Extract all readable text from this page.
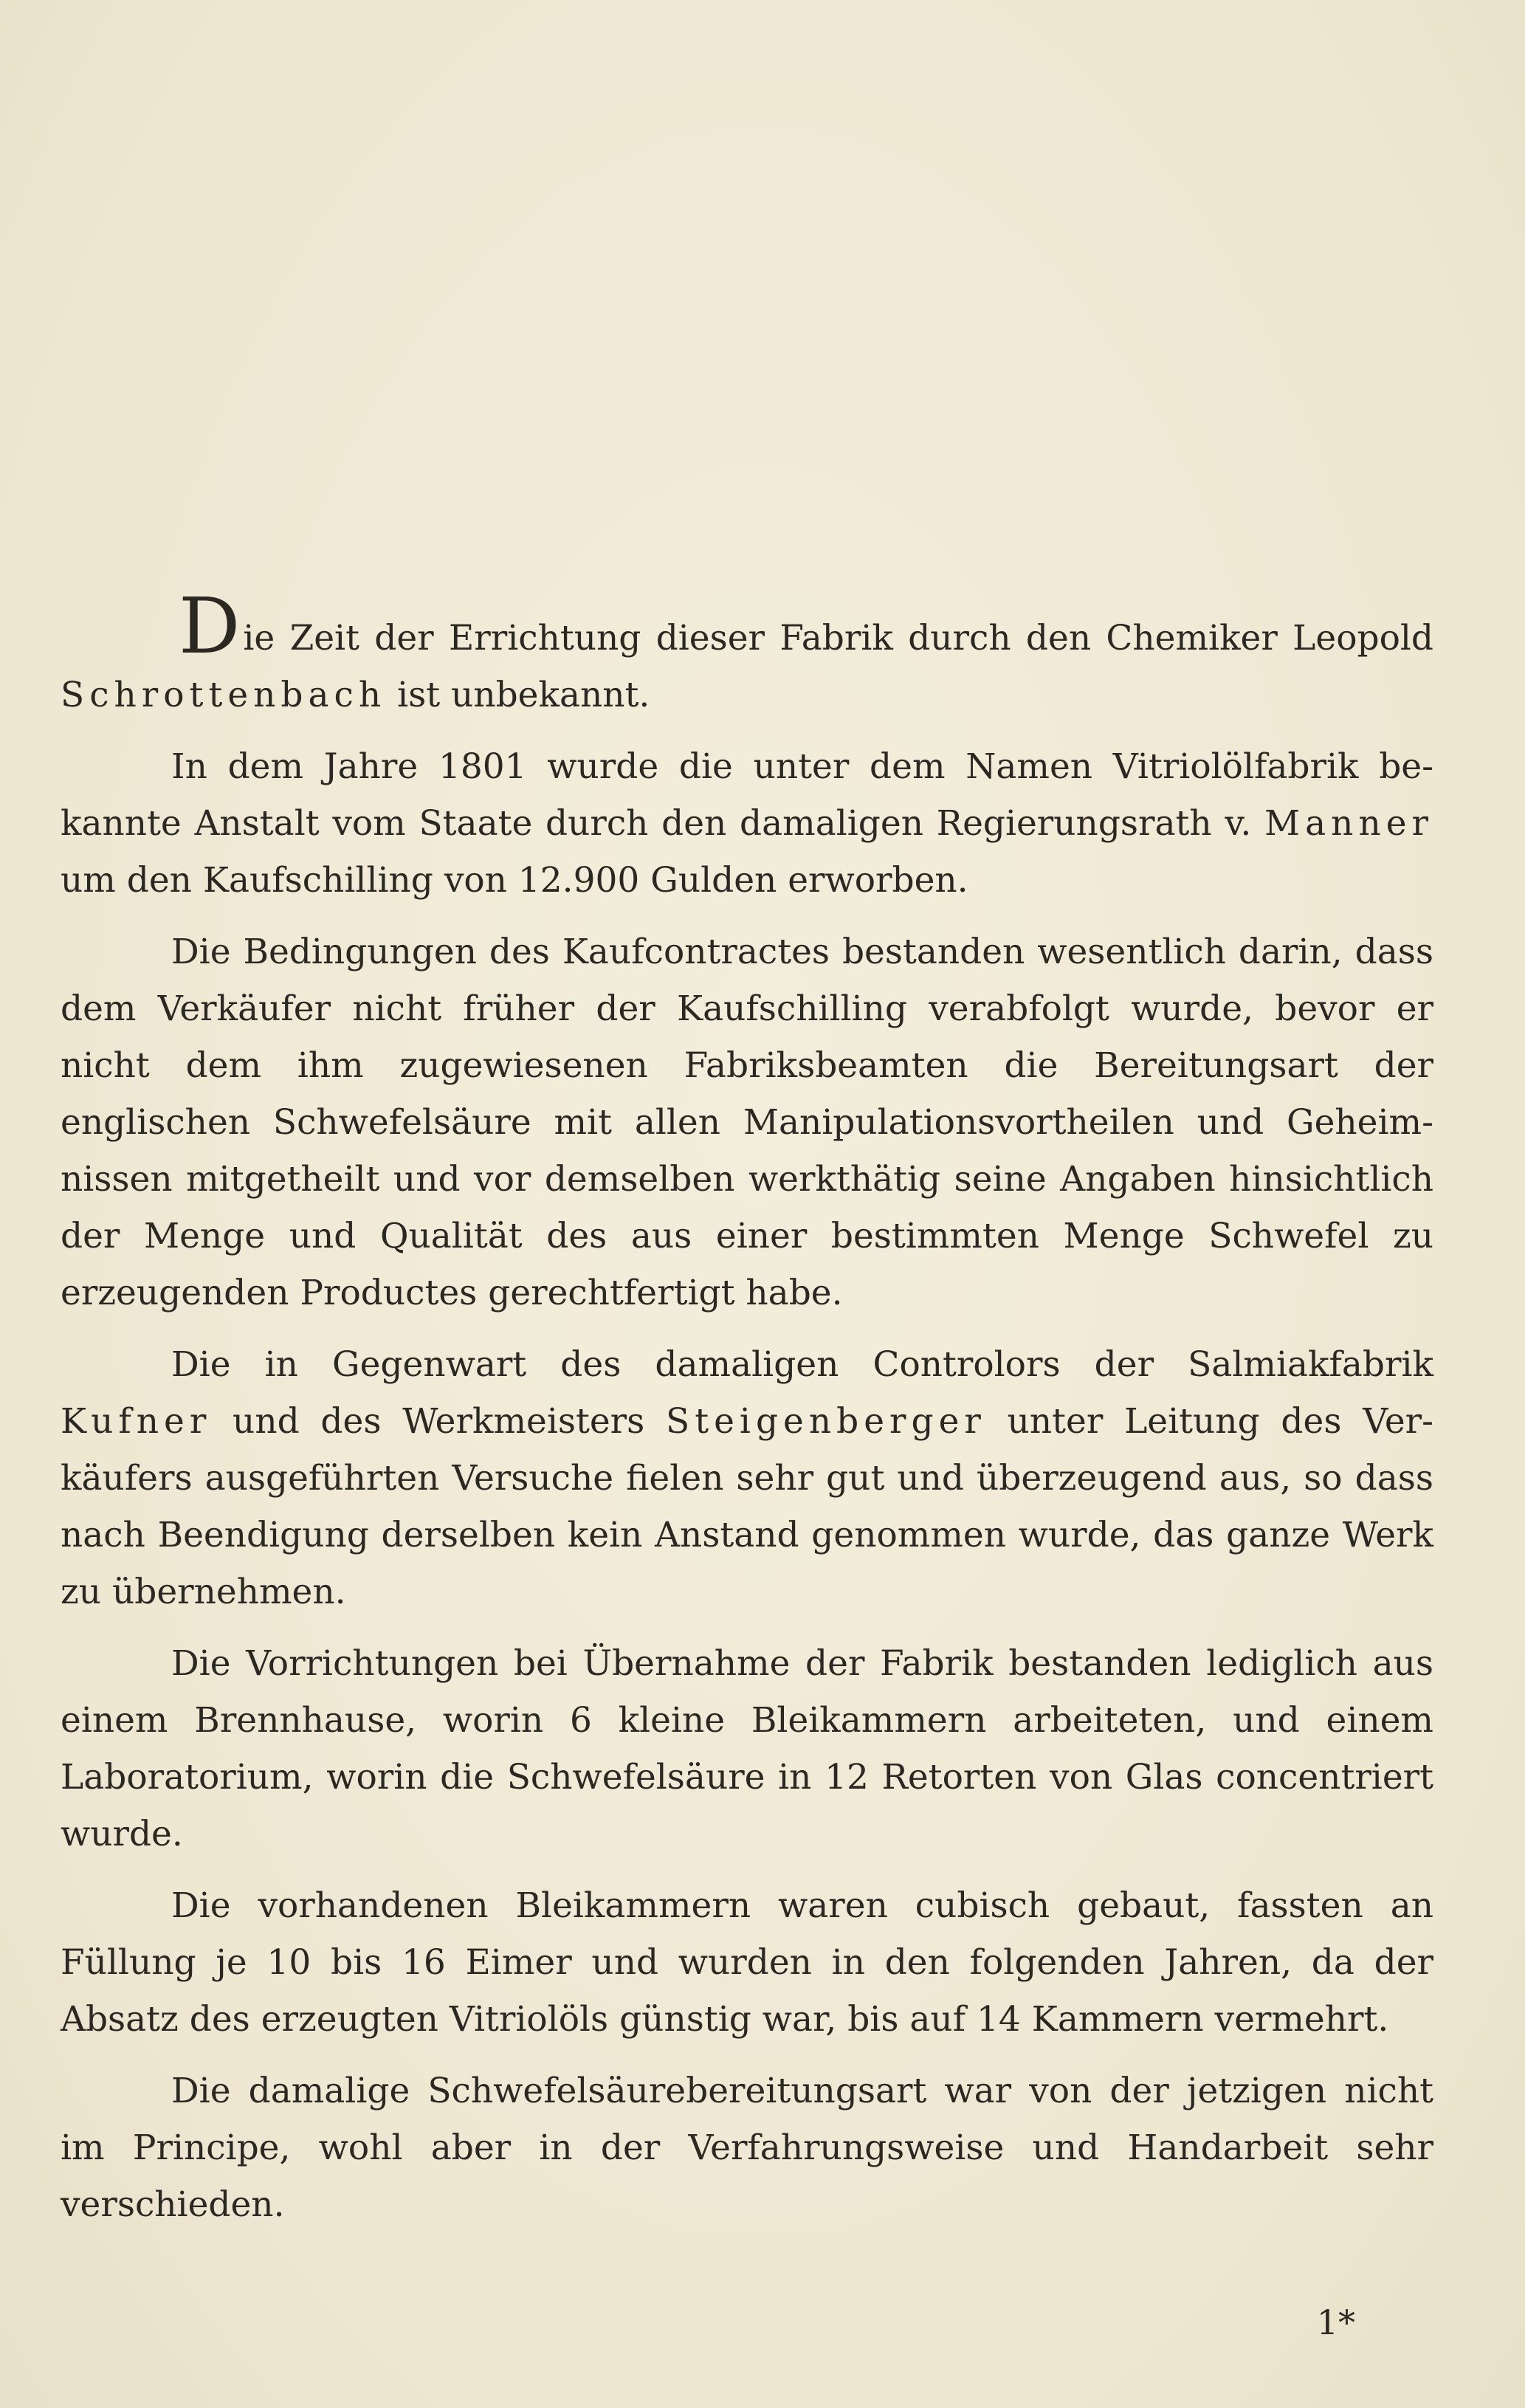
Die Zeit der Errichtung dieser Fabrik durch den Chemiker Leopold Schrottenbach ist unbekannt.

In dem Jahre 1801 wurde die unter dem Namen Vitriolölfabrik bekannte Anstalt vom Staate durch den damaligen Regierungsrath v. Manner um den Kaufschilling von 12.900 Gulden erworben.

Die Bedingungen des Kaufcontractes bestanden wesentlich darin, dass dem Verkäufer nicht früher der Kaufschilling verabfolgt wurde, bevor er nicht dem ihm zugewiesenen Fabriksbeamten die Bereitungsart der englischen Schwefelsäure mit allen Manipulationsvortheilen und Geheimnissen mitgetheilt und vor demselben werkthätig seine Angaben hinsichtlich der Menge und Qualität des aus einer bestimmten Menge Schwefel zu erzeugenden Productes gerechtfertigt habe.

Die in Gegenwart des damaligen Controlors der Salmiakfabrik Kufner und des Werkmeisters Steigenberger unter Leitung des Verkäufers ausgeführten Versuche fielen sehr gut und überzeugend aus, so dass nach Beendigung derselben kein Anstand genommen wurde, das ganze Werk zu übernehmen.

Die Vorrichtungen bei Übernahme der Fabrik bestanden lediglich aus einem Brennhause, worin 6 kleine Bleikammern arbeiteten, und einem Laboratorium, worin die Schwefelsäure in 12 Retorten von Glas concentriert wurde.

Die vorhandenen Bleikammern waren cubisch gebaut, fassten an Füllung je 10 bis 16 Eimer und wurden in den folgenden Jahren, da der Absatz des erzeugten Vitriolöls günstig war, bis auf 14 Kammern vermehrt.

Die damalige Schwefelsäurebereitungsart war von der jetzigen nicht im Principe, wohl aber in der Verfahrungsweise und Handarbeit sehr verschieden.

1*
